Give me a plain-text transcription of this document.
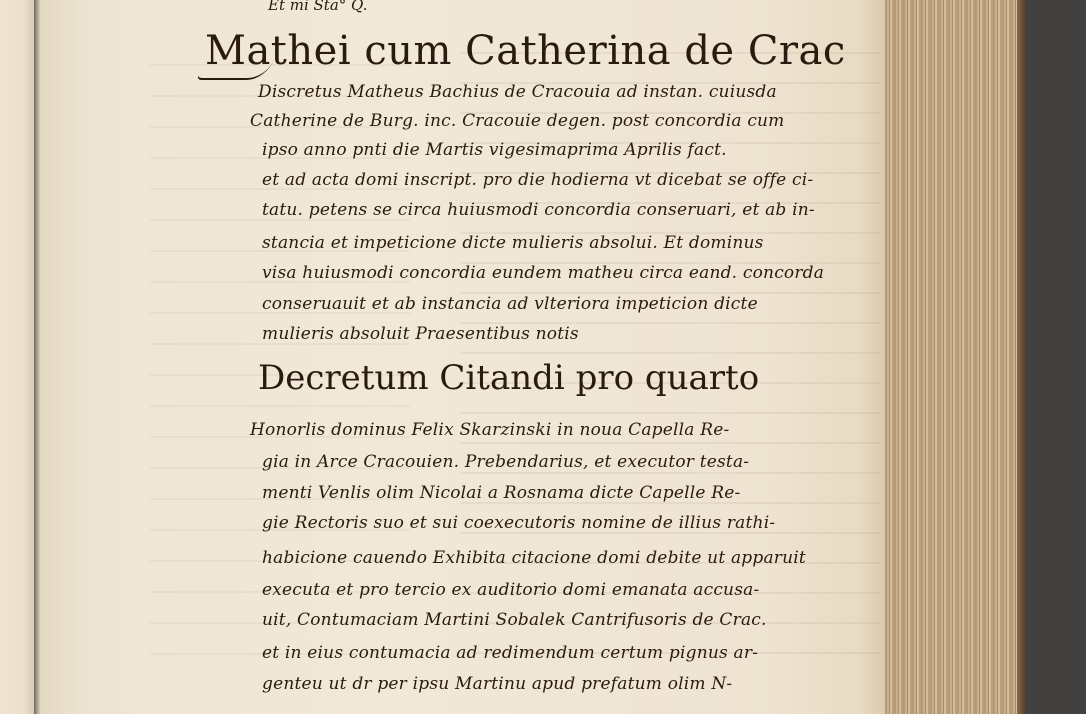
Et mi Sta° Q.
Mathei cum Catherina de Crac
Discretus Matheus Bachius de Cracouia ad instan. cuiusda
Catherine de Burg. inc. Cracouie degen. post concordia cum
ipso anno pnti die Martis vigesimaprima Aprilis fact.
et ad acta domi inscript. pro die hodierna vt dicebat se offe ci-
tatu. petens se circa huiusmodi concordia conseruari, et ab in-
stancia et impeticione dicte mulieris absolui. Et dominus
visa huiusmodi concordia eundem matheu circa eand. concorda
conseruauit et ab instancia ad vlteriora impeticion dicte
mulieris absoluit Praesentibus notis
Decretum Citandi pro quarto
Honorlis dominus Felix Skarzinski in noua Capella Re-
gia in Arce Cracouien. Prebendarius, et executor testa-
menti Venlis olim Nicolai a Rosnama dicte Capelle Re-
gie Rectoris suo et sui coexecutoris nomine de illius rathi-
habicione cauendo Exhibita citacione domi debite ut apparuit
executa et pro tercio ex auditorio domi emanata accusa-
uit, Contumaciam Martini Sobalek Cantrifusoris de Crac.
et in eius contumacia ad redimendum certum pignus ar-
genteu ut dr per ipsu Martinu apud prefatum olim N-
